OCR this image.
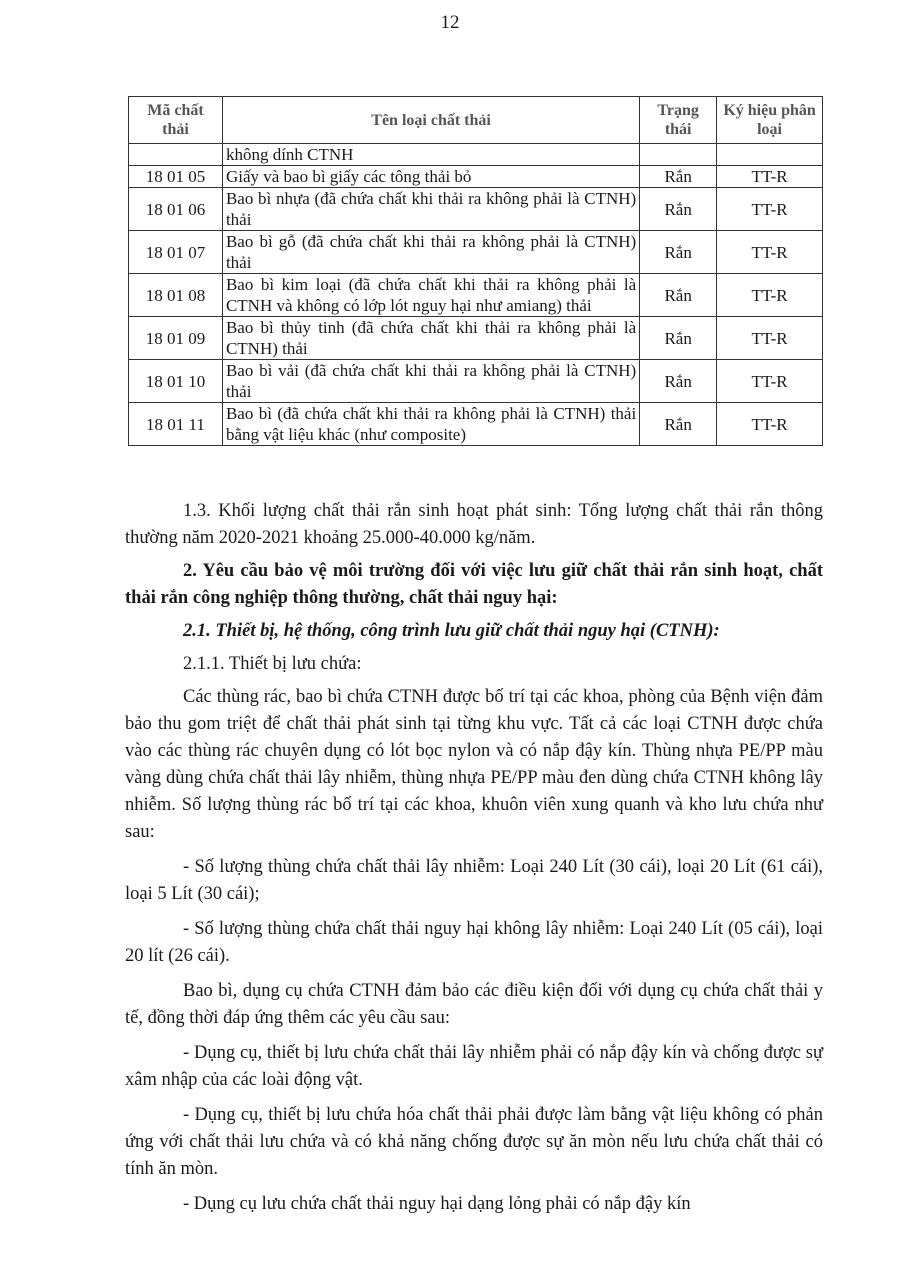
12
Mã chất thải	Tên loại chất thải	Trạng thái	Ký hiệu phân loại
	không dính CTNH		
18 01 05	Giấy và bao bì giấy các tông thải bỏ	Rắn	TT-R
18 01 06	Bao bì nhựa (đã chứa chất khi thải ra không phải là CTNH) thải	Rắn	TT-R
18 01 07	Bao bì gỗ (đã chứa chất khi thải ra không phải là CTNH) thải	Rắn	TT-R
18 01 08	Bao bì kim loại (đã chứa chất khi thải ra không phải là CTNH và không có lớp lót nguy hại như amiang) thải	Rắn	TT-R
18 01 09	Bao bì thủy tinh (đã chứa chất khi thải ra không phải là CTNH) thải	Rắn	TT-R
18 01 10	Bao bì vải (đã chứa chất khi thải ra không phải là CTNH) thải	Rắn	TT-R
18 01 11	Bao bì (đã chứa chất khi thải ra không phải là CTNH) thải bằng vật liệu khác (như composite)	Rắn	TT-R

1.3. Khối lượng chất thải rắn sinh hoạt phát sinh: Tổng lượng chất thải rắn thông thường năm 2020-2021 khoảng 25.000-40.000 kg/năm.

2. Yêu cầu bảo vệ môi trường đối với việc lưu giữ chất thải rắn sinh hoạt, chất thải rắn công nghiệp thông thường, chất thải nguy hại:

2.1. Thiết bị, hệ thống, công trình lưu giữ chất thải nguy hại (CTNH):

2.1.1. Thiết bị lưu chứa:

Các thùng rác, bao bì chứa CTNH được bố trí tại các khoa, phòng của Bệnh viện đảm bảo thu gom triệt để chất thải phát sinh tại từng khu vực. Tất cả các loại CTNH được chứa vào các thùng rác chuyên dụng có lót bọc nylon và có nắp đậy kín. Thùng nhựa PE/PP màu vàng dùng chứa chất thải lây nhiễm, thùng nhựa PE/PP màu đen dùng chứa CTNH không lây nhiễm. Số lượng thùng rác bố trí tại các khoa, khuôn viên xung quanh và kho lưu chứa như sau:

- Số lượng thùng chứa chất thải lây nhiễm: Loại 240 Lít (30 cái), loại 20 Lít (61 cái), loại 5 Lít (30 cái);

- Số lượng thùng chứa chất thải nguy hại không lây nhiễm: Loại 240 Lít (05 cái), loại 20 lít (26 cái).

Bao bì, dụng cụ chứa CTNH đảm bảo các điều kiện đối với dụng cụ chứa chất thải y tế, đồng thời đáp ứng thêm các yêu cầu sau:

- Dụng cụ, thiết bị lưu chứa chất thải lây nhiễm phải có nắp đậy kín và chống được sự xâm nhập của các loài động vật.

- Dụng cụ, thiết bị lưu chứa hóa chất thải phải được làm bằng vật liệu không có phản ứng với chất thải lưu chứa và có khả năng chống được sự ăn mòn nếu lưu chứa chất thải có tính ăn mòn.

- Dụng cụ lưu chứa chất thải nguy hại dạng lỏng phải có nắp đậy kín
